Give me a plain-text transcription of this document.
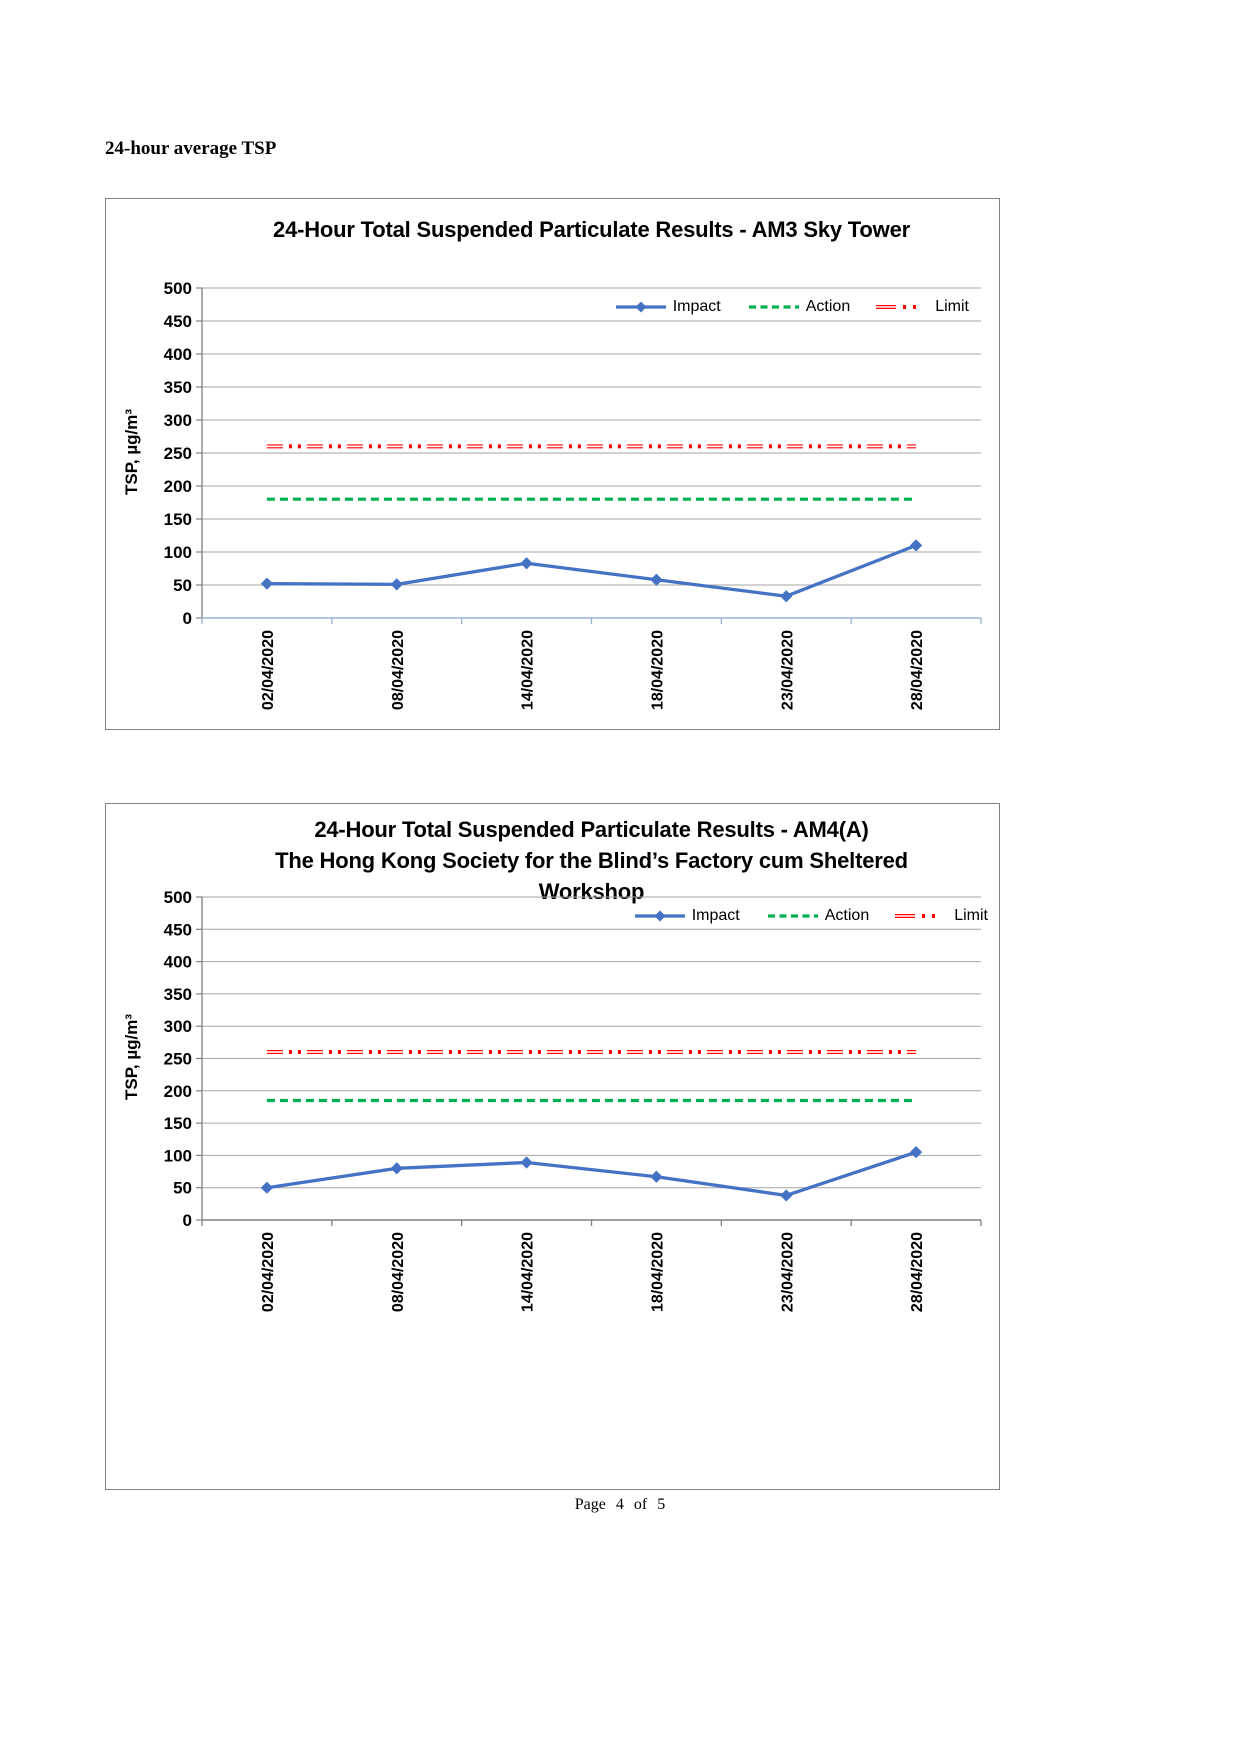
24-hour average TSP
24-Hour Total Suspended Particulate Results - AM3 Sky Tower
TSP, µg/m³
0
50
100
150
200
250
300
350
400
450
500
02/04/2020	08/04/2020	14/04/2020	18/04/2020	23/04/2020	28/04/2020
Impact	Action	Limit
24-Hour Total Suspended Particulate Results - AM4(A)
The Hong Kong Society for the Blind’s Factory cum Sheltered
Workshop
TSP, µg/m³
0
50
100
150
200
250
300
350
400
450
500
02/04/2020	08/04/2020	14/04/2020	18/04/2020	23/04/2020	28/04/2020
Impact	Action	Limit
Page 4 of 5
